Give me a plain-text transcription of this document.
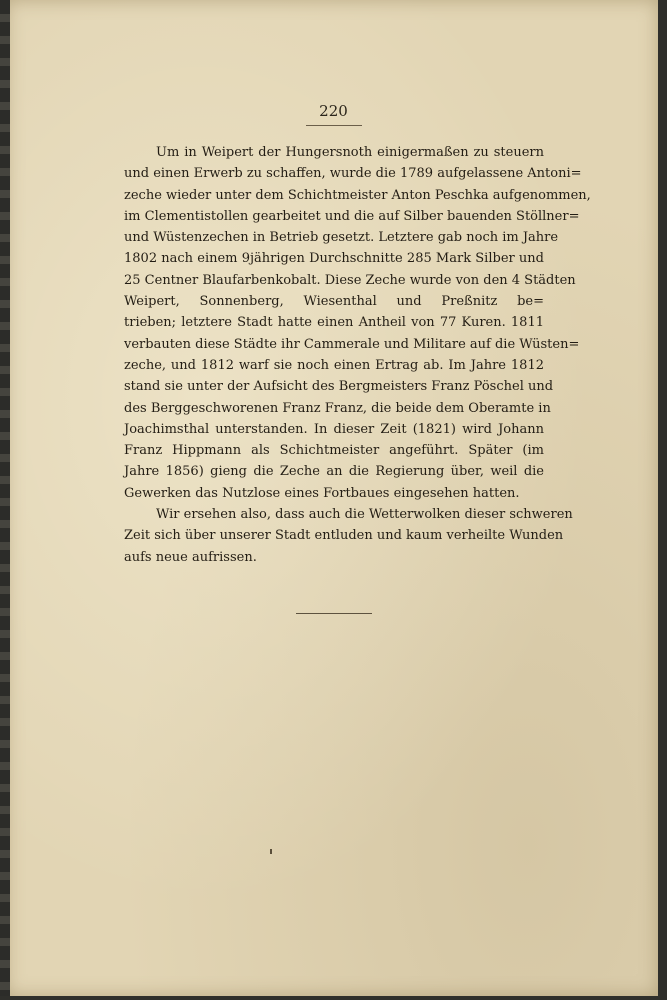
220

Um in Weipert der Hungersnoth einigermaßen zu steuern
und einen Erwerb zu schaffen, wurde die 1789 aufgelassene Antoni=
zeche wieder unter dem Schichtmeister Anton Peschka aufgenommen,
im Clementistollen gearbeitet und die auf Silber bauenden Stöllner=
und Wüstenzechen in Betrieb gesetzt. Letztere gab noch im Jahre
1802 nach einem 9jährigen Durchschnitte 285 Mark Silber und
25 Centner Blaufarbenkobalt. Diese Zeche wurde von den 4 Städten
Weipert, Sonnenberg, Wiesenthal und Preßnitz be=
trieben; letztere Stadt hatte einen Antheil von 77 Kuren. 1811
verbauten diese Städte ihr Cammerale und Militare auf die Wüsten=
zeche, und 1812 warf sie noch einen Ertrag ab. Im Jahre 1812
stand sie unter der Aufsicht des Bergmeisters Franz Pöschel und
des Berggeschworenen Franz Franz, die beide dem Oberamte in
Joachimsthal unterstanden. In dieser Zeit (1821) wird Johann
Franz Hippmann als Schichtmeister angeführt. Später (im
Jahre 1856) gieng die Zeche an die Regierung über, weil die
Gewerken das Nutzlose eines Fortbaues eingesehen hatten.

Wir ersehen also, dass auch die Wetterwolken dieser schweren
Zeit sich über unserer Stadt entluden und kaum verheilte Wunden
aufs neue aufrissen.
